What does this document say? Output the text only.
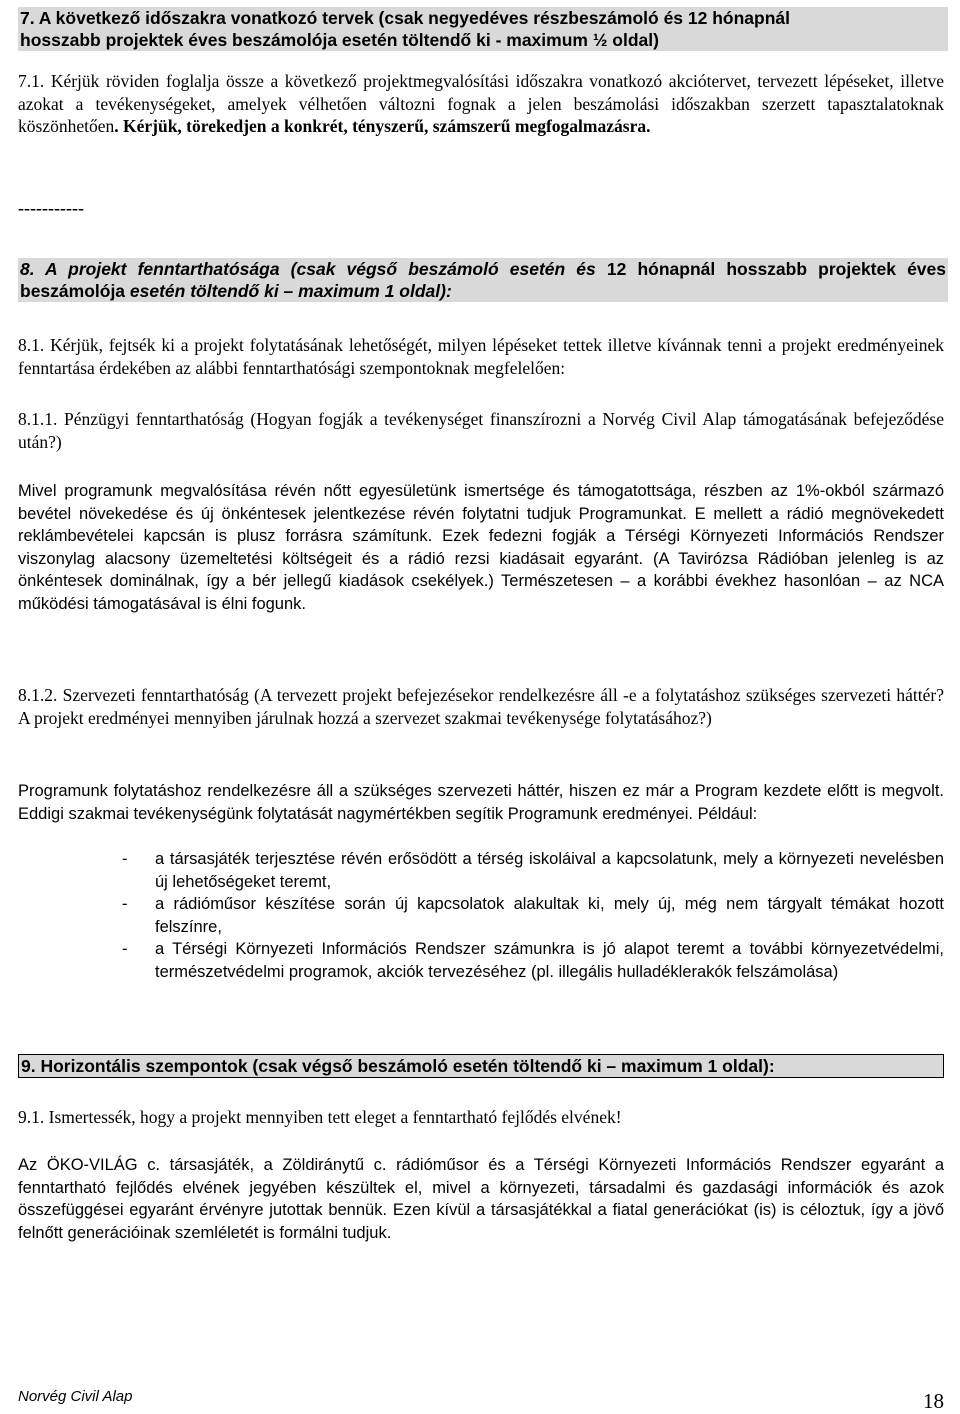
7. A következő időszakra vonatkozó tervek (csak negyedéves részbeszámoló és 12 hónapnál
hosszabb projektek éves beszámolója esetén töltendő ki - maximum ½ oldal)
7.1. Kérjük röviden foglalja össze a következő projektmegvalósítási időszakra vonatkozó akciótervet, tervezett lépéseket, illetve azokat a tevékenységeket, amelyek vélhetően változni fognak a jelen beszámolási időszakban szerzett tapasztalatoknak köszönhetően. Kérjük, törekedjen a konkrét, tényszerű, számszerű megfogalmazásra.
-----------
8. A projekt fenntarthatósága (csak végső beszámoló esetén és 12 hónapnál hosszabb projektek éves beszámolója esetén töltendő ki – maximum 1 oldal):
8.1. Kérjük, fejtsék ki a projekt folytatásának lehetőségét, milyen lépéseket tettek illetve kívánnak tenni a projekt eredményeinek fenntartása érdekében az alábbi fenntarthatósági szempontoknak megfelelően:
8.1.1. Pénzügyi fenntarthatóság (Hogyan fogják a tevékenységet finanszírozni a Norvég Civil Alap támogatásának befejeződése után?)
Mivel programunk megvalósítása révén nőtt egyesületünk ismertsége és támogatottsága, részben az 1%-okból származó bevétel növekedése és új önkéntesek jelentkezése révén folytatni tudjuk Programunkat. E mellett a rádió megnövekedett reklámbevételei kapcsán is plusz forrásra számítunk. Ezek fedezni fogják a Térségi Környezeti Információs Rendszer viszonylag alacsony üzemeltetési költségeit és a rádió rezsi kiadásait egyaránt. (A Tavirózsa Rádióban jelenleg is az önkéntesek dominálnak, így a bér jellegű kiadások csekélyek.) Természetesen – a korábbi évekhez hasonlóan – az NCA működési támogatásával is élni fogunk.
8.1.2. Szervezeti fenntarthatóság (A tervezett projekt befejezésekor rendelkezésre áll -e a folytatáshoz szükséges szervezeti háttér? A projekt eredményei mennyiben járulnak hozzá a szervezet szakmai tevékenysége folytatásához?)
Programunk folytatáshoz rendelkezésre áll a szükséges szervezeti háttér, hiszen ez már a Program kezdete előtt is megvolt. Eddigi szakmai tevékenységünk folytatását nagymértékben segítik Programunk eredményei. Például:
- a társasjáték terjesztése révén erősödött a térség iskoláival a kapcsolatunk, mely a környezeti nevelésben új lehetőségeket teremt,
- a rádióműsor készítése során új kapcsolatok alakultak ki, mely új, még nem tárgyalt témákat hozott felszínre,
- a Térségi Környezeti Információs Rendszer számunkra is jó alapot teremt a további környezetvédelmi, természetvédelmi programok, akciók tervezéséhez (pl. illegális hulladéklerakók felszámolása)
9. Horizontális szempontok (csak végső beszámoló esetén töltendő ki – maximum 1 oldal):
9.1. Ismertessék, hogy a projekt mennyiben tett eleget a fenntartható fejlődés elvének!
Az ÖKO-VILÁG c. társasjáték, a Zöldiránytű c. rádióműsor és a Térségi Környezeti Információs Rendszer egyaránt a fenntartható fejlődés elvének jegyében készültek el, mivel a környezeti, társadalmi és gazdasági információk és azok összefüggései egyaránt érvényre jutottak bennük. Ezen kívül a társasjátékkal a fiatal generációkat (is) is céloztuk, így a jövő felnőtt generációinak szemléletét is formálni tudjuk.
Norvég Civil Alap	18
